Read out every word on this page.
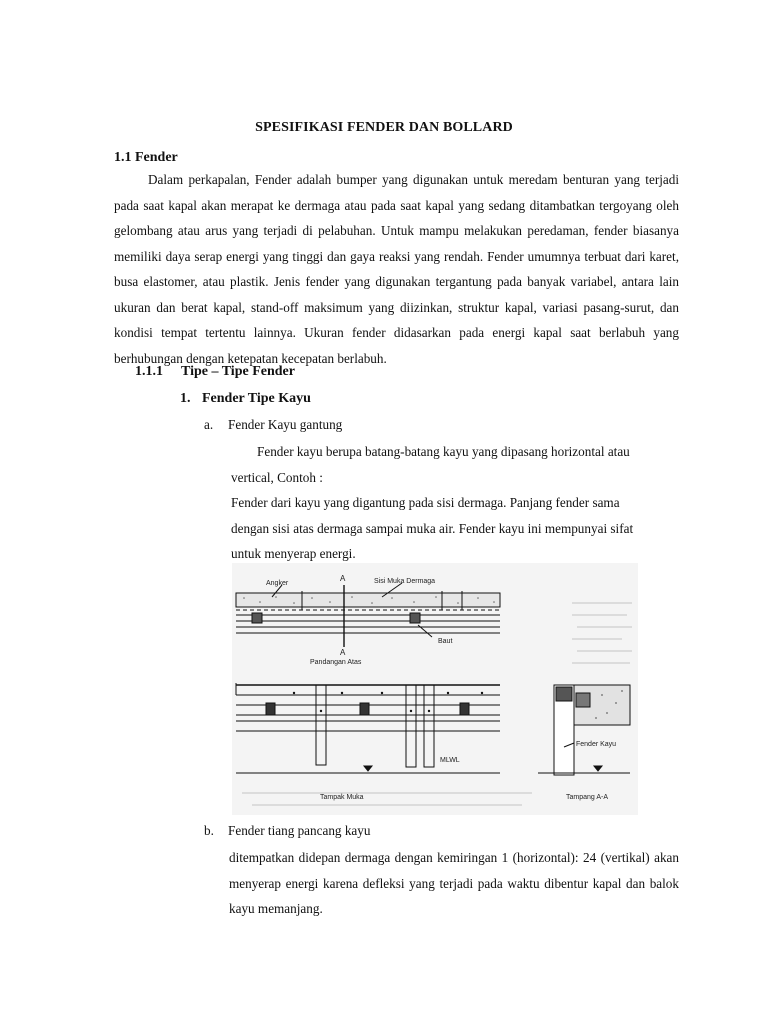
SPESIFIKASI FENDER DAN BOLLARD
1.1 Fender
Dalam perkapalan, Fender adalah bumper yang digunakan untuk meredam benturan yang terjadi pada saat kapal akan merapat ke dermaga atau pada saat kapal yang sedang ditambatkan tergoyang oleh gelombang atau arus yang terjadi di pelabuhan. Untuk mampu melakukan peredaman, fender biasanya memiliki daya serap energi yang tinggi dan gaya reaksi yang rendah. Fender umumnya terbuat dari karet, busa elastomer, atau plastik. Jenis fender yang digunakan tergantung pada banyak variabel, antara lain ukuran dan berat kapal, stand-off maksimum yang diizinkan, struktur kapal, variasi pasang-surut, dan kondisi tempat tertentu lainnya. Ukuran fender didasarkan pada energi kapal saat berlabuh yang berhubungan dengan ketepatan kecepatan berlabuh.
1.1.1 Tipe – Tipe Fender
1. Fender Tipe Kayu
a. Fender Kayu gantung
Fender kayu berupa batang-batang kayu yang dipasang horizontal atau
vertical, Contoh :
Fender dari kayu yang digantung pada sisi dermaga. Panjang fender sama
dengan sisi atas dermaga sampai muka air. Fender kayu ini mempunyai sifat
untuk menyerap energi.
Angker
A	Sisi Muka Dermaga
Baut
A
Pandangan Atas
MLWL
Tampak Muka
Fender Kayu
Tampang A-A
b. Fender tiang pancang kayu
ditempatkan didepan dermaga dengan kemiringan 1 (horizontal): 24 (vertikal) akan menyerap energi karena defleksi yang terjadi pada waktu dibentur kapal dan balok kayu memanjang.
